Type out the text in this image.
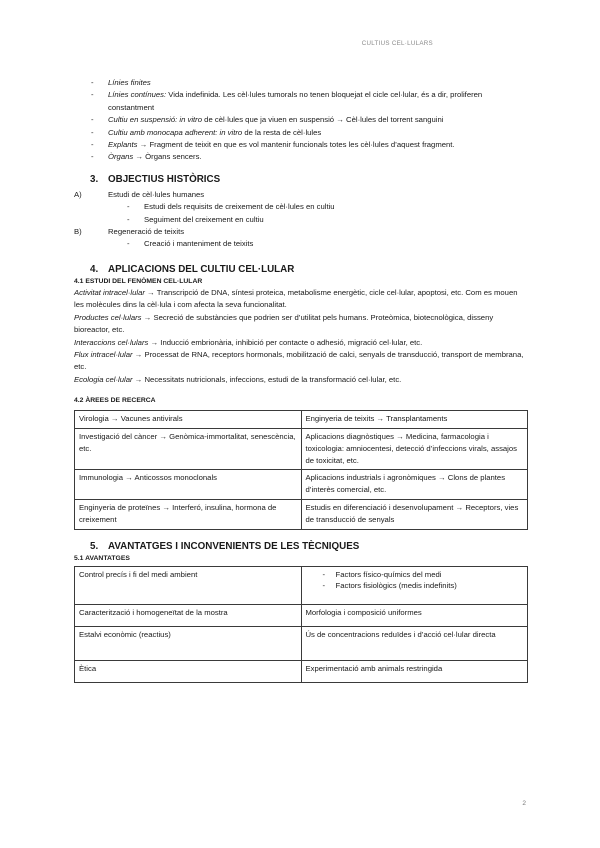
CULTIUS CEL·LULARS
- Línies finites
- Línies contínues: Vida indefinida. Les cèl·lules tumorals no tenen bloquejat el cicle cel·lular, és a dir, proliferen constantment
- Cultiu en suspensió: in vitro de cèl·lules que ja viuen en suspensió → Cèl·lules del torrent sanguini
- Cultiu amb monocapa adherent: in vitro de la resta de cèl·lules
- Explants → Fragment de teixit en que es vol mantenir funcionals totes les cèl·lules d’aquest fragment.
- Òrgans → Òrgans sencers.
3. OBJECTIUS HISTÒRICS
A)	Estudi de cèl·lules humanes
- Estudi dels requisits de creixement de cèl·lules en cultiu
- Seguiment del creixement en cultiu
B)	Regeneració de teixits
- Creació i manteniment de teixits
4. APLICACIONS DEL CULTIU CEL·LULAR
4.1 ESTUDI DEL FENÒMEN CEL·LULAR
Activitat intracel·lular → Transcripció de DNA, síntesi proteica, metabolisme energètic, cicle cel·lular, apoptosi, etc. Com es mouen les molècules dins la cèl·lula i com afecta la seva funcionalitat.
Productes cel·lulars → Secreció de substàncies que podrien ser d’utilitat pels humans. Proteòmica, biotecnològica, disseny bioreactor, etc.
Interaccions cel·lulars → Inducció embrionària, inhibició per contacte o adhesió, migració cel·lular, etc.
Flux intracel·lular → Processat de RNA, receptors hormonals, mobilització de calci, senyals de transducció, transport de membrana, etc.
Ecologia cel·lular → Necessitats nutricionals, infeccions, estudi de la transformació cel·lular, etc.
4.2 ÀREES DE RECERCA
Virologia → Vacunes antivirals	Enginyeria de teixits → Transplantaments
Investigació del càncer → Genòmica-immortalitat, senescència, etc.	Aplicacions diagnòstiques → Medicina, farmacologia i toxicologia: amniocentesi, detecció d’infeccions virals, assajos de toxicitat, etc.
Immunologia → Anticossos monoclonals	Aplicacions industrials i agronòmiques → Clons de plantes d’interès comercial, etc.
Enginyeria de proteïnes → Interferó, insulina, hormona de creixement	Estudis en diferenciació i desenvolupament → Receptors, vies de transducció de senyals
5. AVANTATGES I INCONVENIENTS DE LES TÈCNIQUES
5.1 AVANTATGES
Control precís i fi del medi ambient	- Factors físico-químics del medi
- Factors fisiològics (medis indefinits)

Caracterització i homogeneïtat de la mostra	Morfologia i composició uniformes
Estalvi econòmic (reactius)	Ús de concentracions reduïdes i d’acció cel·lular directa
Ètica	Experimentació amb animals restringida
2
